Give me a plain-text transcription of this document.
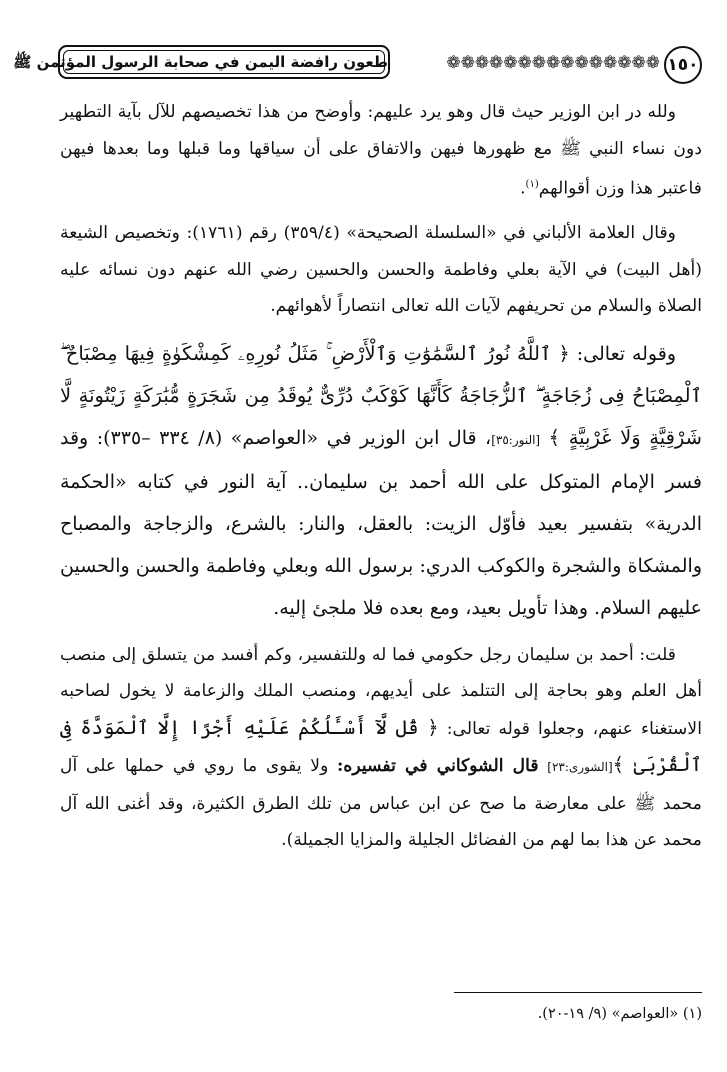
١٥٠
❁❁❁❁❁❁❁❁❁❁❁❁❁❁❁
طعون رافضة اليمن في صحابة الرسول المؤتمن ﷺ

ولله در ابن الوزير حيث قال وهو يرد عليهم: وأوضح من هذا تخصيصهم للآل بآية التطهير دون نساء النبي ﷺ مع ظهورها فيهن والاتفاق على أن سياقها وما قبلها وما بعدها فيهن فاعتبر هذا وزن أقوالهم$^{(١)}$.

وقال العلامة الألباني في «السلسلة الصحيحة» (٣٥٩/٤) رقم (١٧٦١): وتخصيص الشيعة (أهل البيت) في الآية بعلي وفاطمة والحسن والحسين رضي الله عنهم دون نسائه عليه الصلاة والسلام من تحريفهم لآيات الله تعالى انتصاراً لأهوائهم.

وقوله تعالى: ﴿ ٱللَّهُ نُورُ ٱلسَّمَٰوَٰتِ وَٱلْأَرْضِ ۚ مَثَلُ نُورِهِۦ كَمِشْكَوٰةٍ فِيهَا مِصْبَاحٌ ۖ ٱلْمِصْبَاحُ فِى زُجَاجَةٍ ۖ ٱلزُّجَاجَةُ كَأَنَّهَا كَوْكَبٌ دُرِّىٌّ يُوقَدُ مِن شَجَرَةٍ مُّبَٰرَكَةٍ زَيْتُونَةٍ لَّا شَرْقِيَّةٍ وَلَا غَرْبِيَّةٍ ﴾ [النور:٣٥]، قال ابن الوزير في «العواصم» (٨/ ٣٣٤ –٣٣٥): وقد فسر الإمام المتوكل على الله أحمد بن سليمان.. آية النور في كتابه «الحكمة الدرية» بتفسير بعيد فأوّل الزيت: بالعقل، والنار: بالشرع، والزجاجة والمصباح والمشكاة والشجرة والكوكب الدري: برسول الله وبعلي وفاطمة والحسن والحسين عليهم السلام. وهذا تأويل بعيد، ومع بعده فلا ملجئ إليه.

قلت: أحمد بن سليمان رجل حكومي فما له وللتفسير، وكم أفسد من يتسلق إلى منصب أهل العلم وهو بحاجة إلى التتلمذ على أيديهم، ومنصب الملك والزعامة لا يخول لصاحبه الاستغناء عنهم، وجعلوا قوله تعالى: ﴿ قُل لَّآ أَسْـَٔلُكُمْ عَلَيْهِ أَجْرًا إِلَّا ٱلْمَوَدَّةَ فِى ٱلْقُرْبَىٰ ﴾[الشورى:٢٣] قال الشوكاني في تفسيره: ولا يقوى ما روي في حملها على آل محمد ﷺ على معارضة ما صح عن ابن عباس من تلك الطرق الكثيرة، وقد أغنى الله آل محمد عن هذا بما لهم من الفضائل الجليلة والمزايا الجميلة).

(١) «العواصم» (٩/ ١٩-٢٠).
